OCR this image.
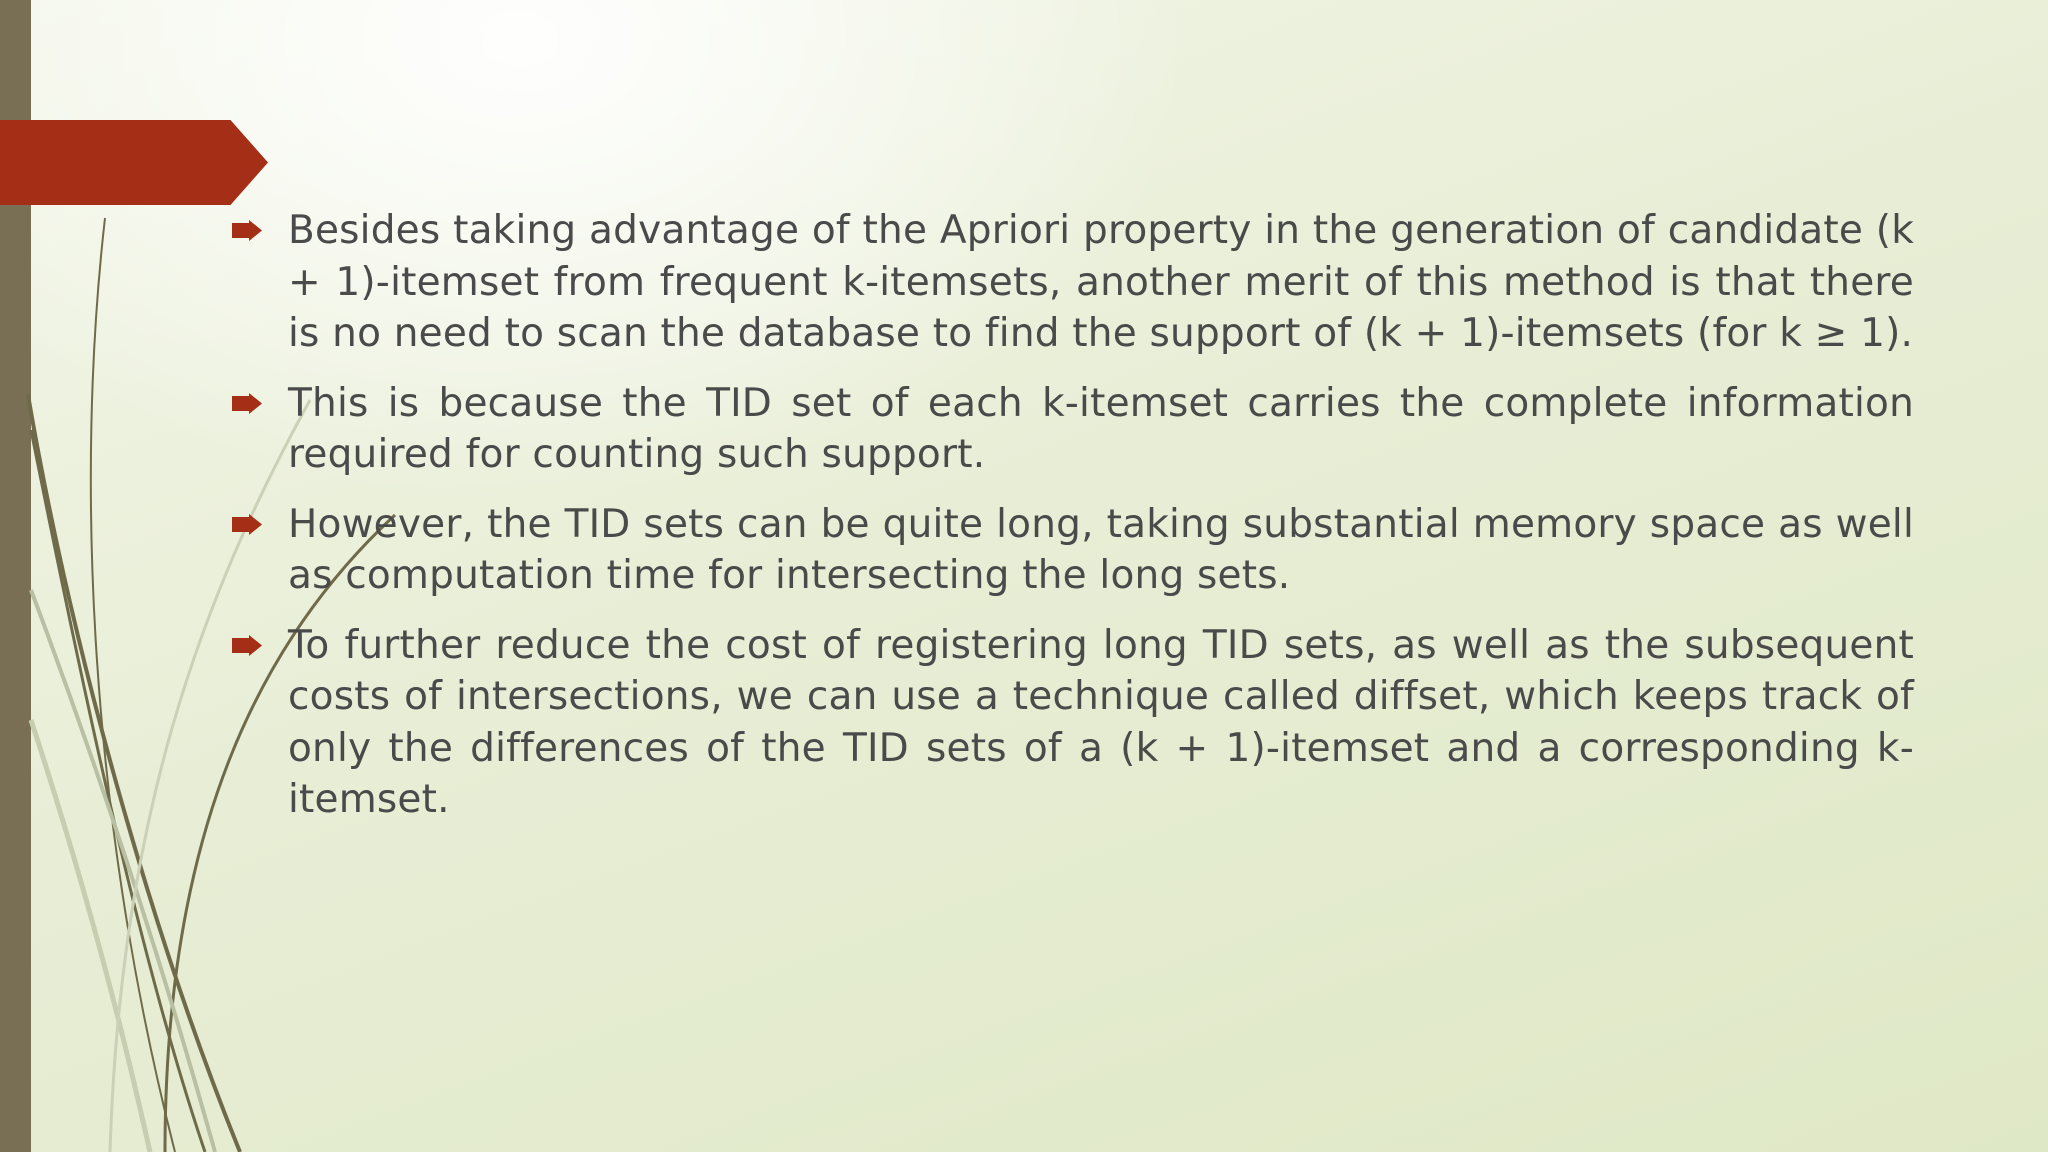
Besides taking advantage of the Apriori property in the generation of candidate (k + 1)-itemset from frequent k-itemsets, another merit of this method is that there is no need to scan the database to find the support of (k + 1)-itemsets (for k ≥ 1).
This is because the TID set of each k-itemset carries the complete information required for counting such support.
However, the TID sets can be quite long, taking substantial memory space as well as computation time for intersecting the long sets.
To further reduce the cost of registering long TID sets, as well as the subsequent costs of intersections, we can use a technique called diffset, which keeps track of only the differences of the TID sets of a (k + 1)-itemset and a corresponding k-itemset.
